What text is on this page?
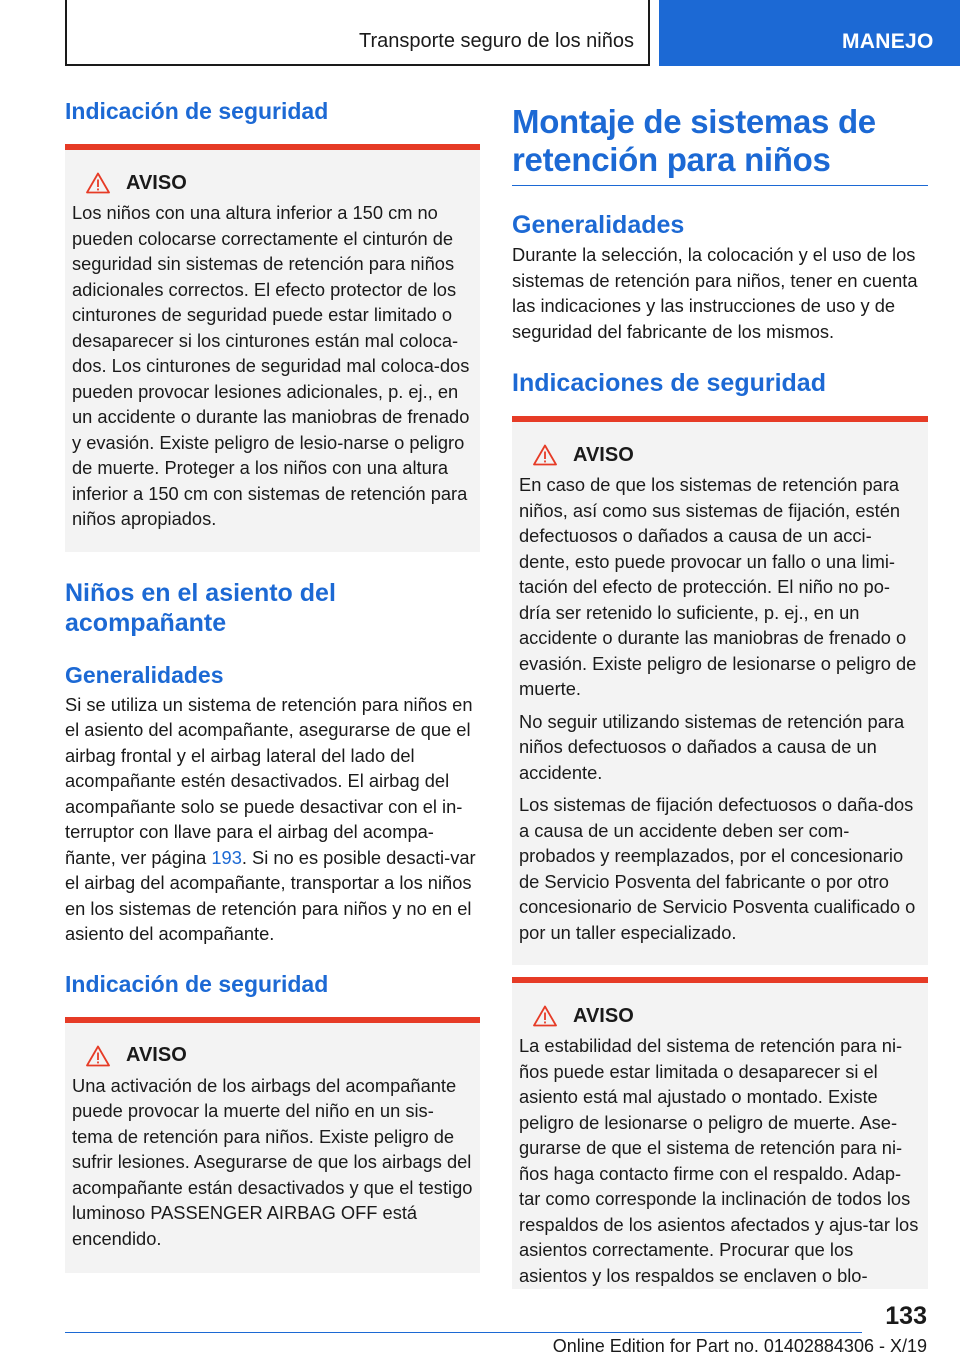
Transporte seguro de los niños	MANEJO
Indicación de seguridad
AVISO

Los niños con una altura inferior a 150 cm no pueden colocarse correctamente el cinturón de seguridad sin sistemas de retención para niños adicionales correctos. El efecto protector de los cinturones de seguridad puede estar limitado o desaparecer si los cinturones están mal coloca-dos. Los cinturones de seguridad mal coloca-dos pueden provocar lesiones adicionales, p. ej., en un accidente o durante las maniobras de frenado y evasión. Existe peligro de lesio-narse o peligro de muerte. Proteger a los niños con una altura inferior a 150 cm con sistemas de retención para niños apropiados.

Niños en el asiento del acompañante
Generalidades

Si se utiliza un sistema de retención para niños en el asiento del acompañante, asegurarse de que el airbag frontal y el airbag lateral del lado del acompañante estén desactivados. El airbag del acompañante solo se puede desactivar con el in-terruptor con llave para el airbag del acompa-ñante, ver página 193. Si no es posible desacti-var el airbag del acompañante, transportar a los niños en los sistemas de retención para niños y no en el asiento del acompañante.

Indicación de seguridad
AVISO

Una activación de los airbags del acompañante puede provocar la muerte del niño en un sis-tema de retención para niños. Existe peligro de sufrir lesiones. Asegurarse de que los airbags del acompañante están desactivados y que el testigo luminoso PASSENGER AIRBAG OFF está encendido.

Montaje de sistemas de retención para niños
Generalidades

Durante la selección, la colocación y el uso de los sistemas de retención para niños, tener en cuenta las indicaciones y las instrucciones de uso y de seguridad del fabricante de los mismos.

Indicaciones de seguridad
AVISO

En caso de que los sistemas de retención para niños, así como sus sistemas de fijación, estén defectuosos o dañados a causa de un acci-dente, esto puede provocar un fallo o una limi-tación del efecto de protección. El niño no po-dría ser retenido lo suficiente, p. ej., en un accidente o durante las maniobras de frenado o evasión. Existe peligro de lesionarse o peligro de muerte.

No seguir utilizando sistemas de retención para niños defectuosos o dañados a causa de un accidente.

Los sistemas de fijación defectuosos o daña-dos a causa de un accidente deben ser com-probados y reemplazados, por el concesionario de Servicio Posventa del fabricante o por otro concesionario de Servicio Posventa cualificado o por un taller especializado.

AVISO

La estabilidad del sistema de retención para ni-ños puede estar limitada o desaparecer si el asiento está mal ajustado o montado. Existe peligro de lesionarse o peligro de muerte. Ase-gurarse de que el sistema de retención para ni-ños haga contacto firme con el respaldo. Adap-tar como corresponde la inclinación de todos los respaldos de los asientos afectados y ajus-tar los asientos correctamente. Procurar que los asientos y los respaldos se enclaven o blo-

133
Online Edition for Part no. 01402884306 - X/19
